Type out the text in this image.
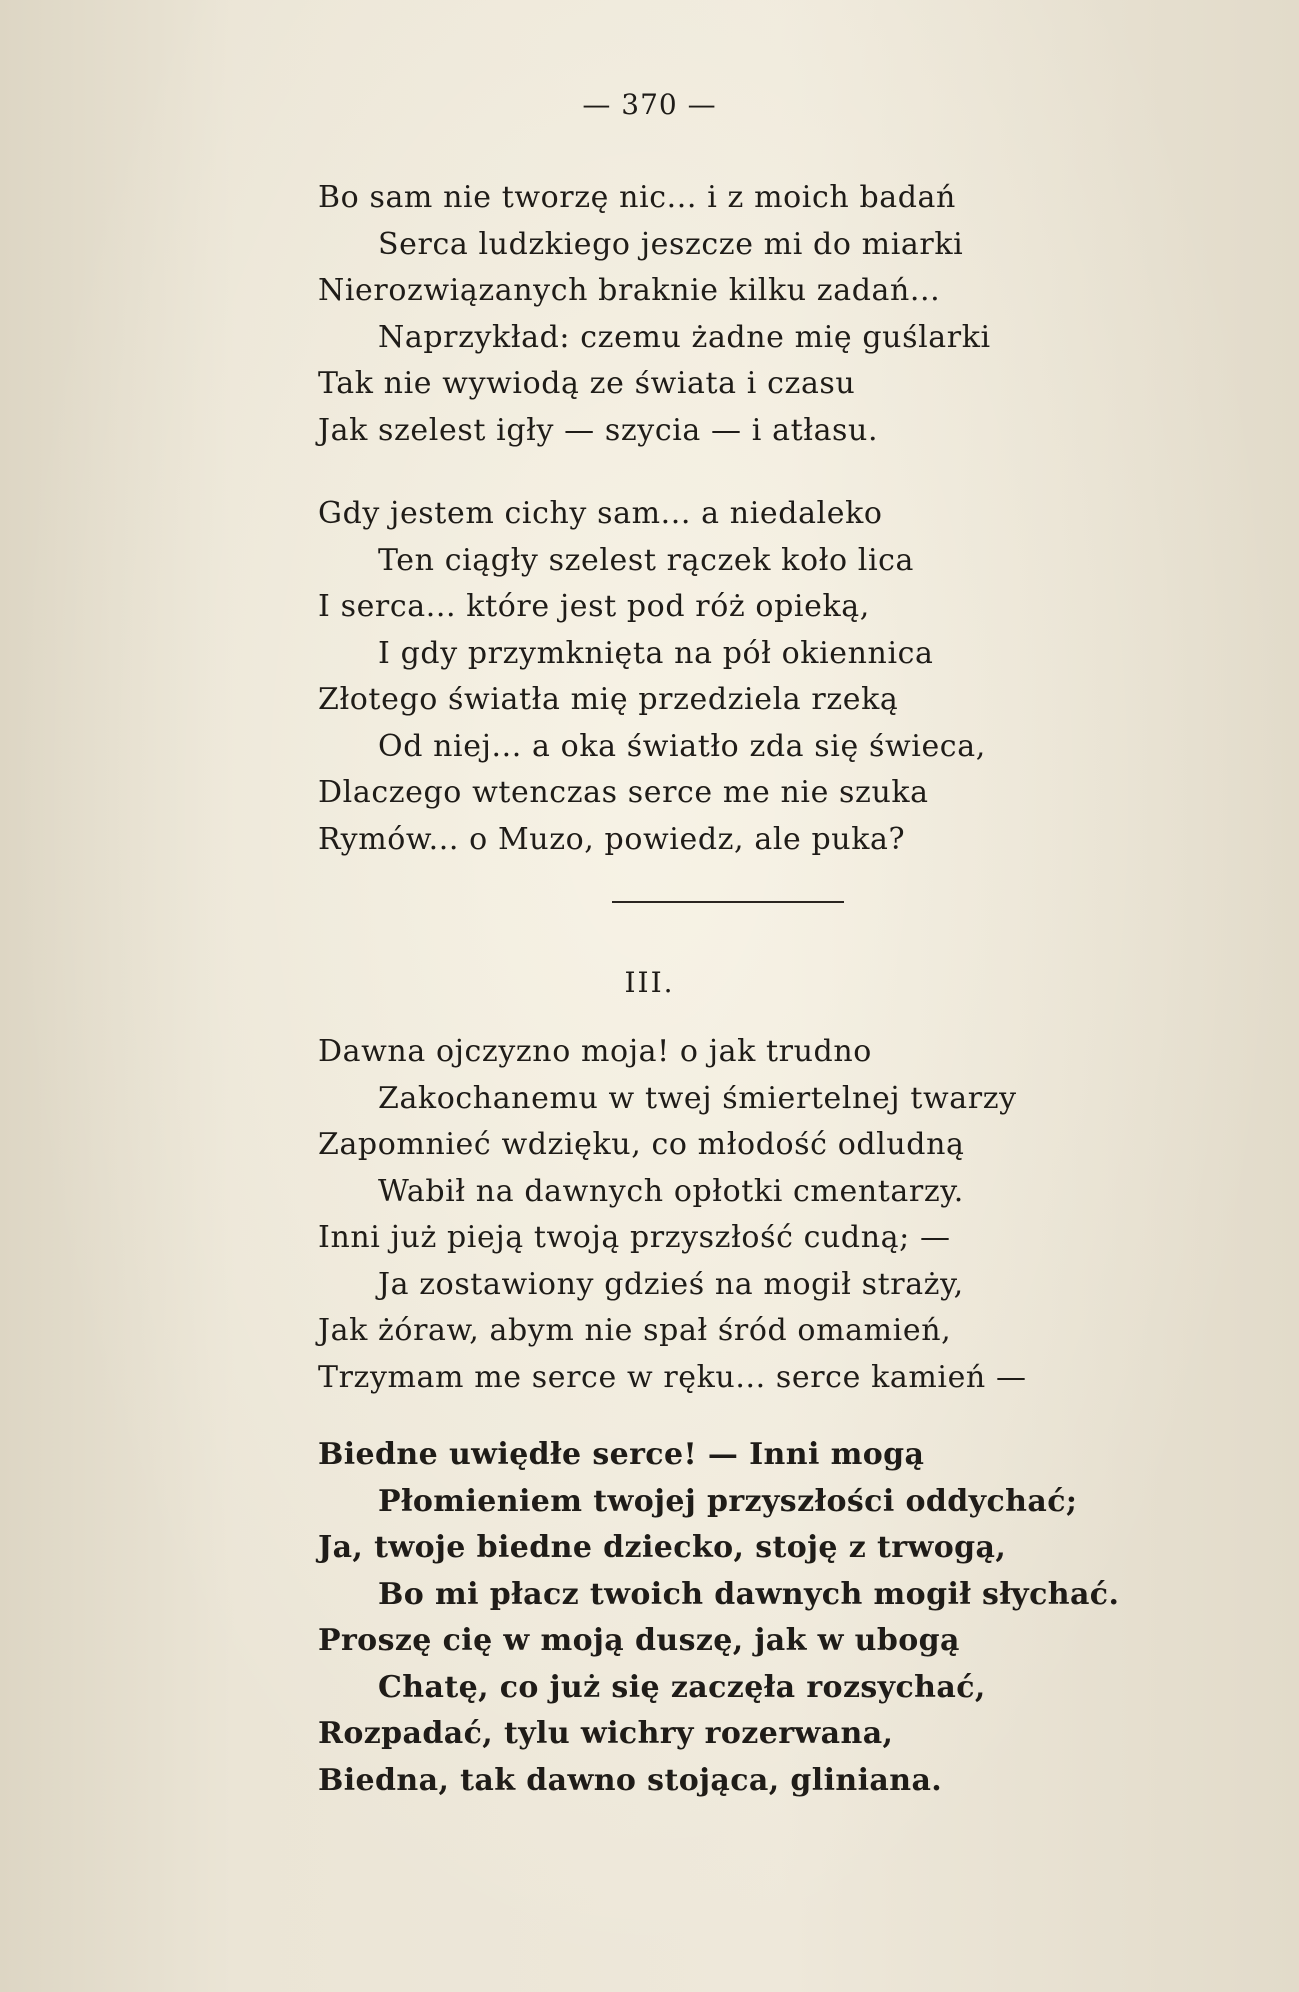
— 370 —
Bo sam nie tworzę nic... i z moich badań
Serca ludzkiego jeszcze mi do miarki
Nierozwiązanych braknie kilku zadań...
Naprzykład: czemu żadne mię guślarki
Tak nie wywiodą ze świata i czasu
Jak szelest igły — szycia — i atłasu.
Gdy jestem cichy sam... a niedaleko
Ten ciągły szelest rączek koło lica
I serca... które jest pod róż opieką,
I gdy przymknięta na pół okiennica
Złotego światła mię przedziela rzeką
Od niej... a oka światło zda się świeca,
Dlaczego wtenczas serce me nie szuka
Rymów... o Muzo, powiedz, ale puka?
III.
Dawna ojczyzno moja! o jak trudno
Zakochanemu w twej śmiertelnej twarzy
Zapomnieć wdzięku, co młodość odludną
Wabił na dawnych opłotki cmentarzy.
Inni już pieją twoją przyszłość cudną; —
Ja zostawiony gdzieś na mogił straży,
Jak żóraw, abym nie spał śród omamień,
Trzymam me serce w ręku... serce kamień —
Biedne uwiędłe serce! — Inni mogą
Płomieniem twojej przyszłości oddychać;
Ja, twoje biedne dziecko, stoję z trwogą,
Bo mi płacz twoich dawnych mogił słychać.
Proszę cię w moją duszę, jak w ubogą
Chatę, co już się zaczęła rozsychać,
Rozpadać, tylu wichry rozerwana,
Biedna, tak dawno stojąca, gliniana.
